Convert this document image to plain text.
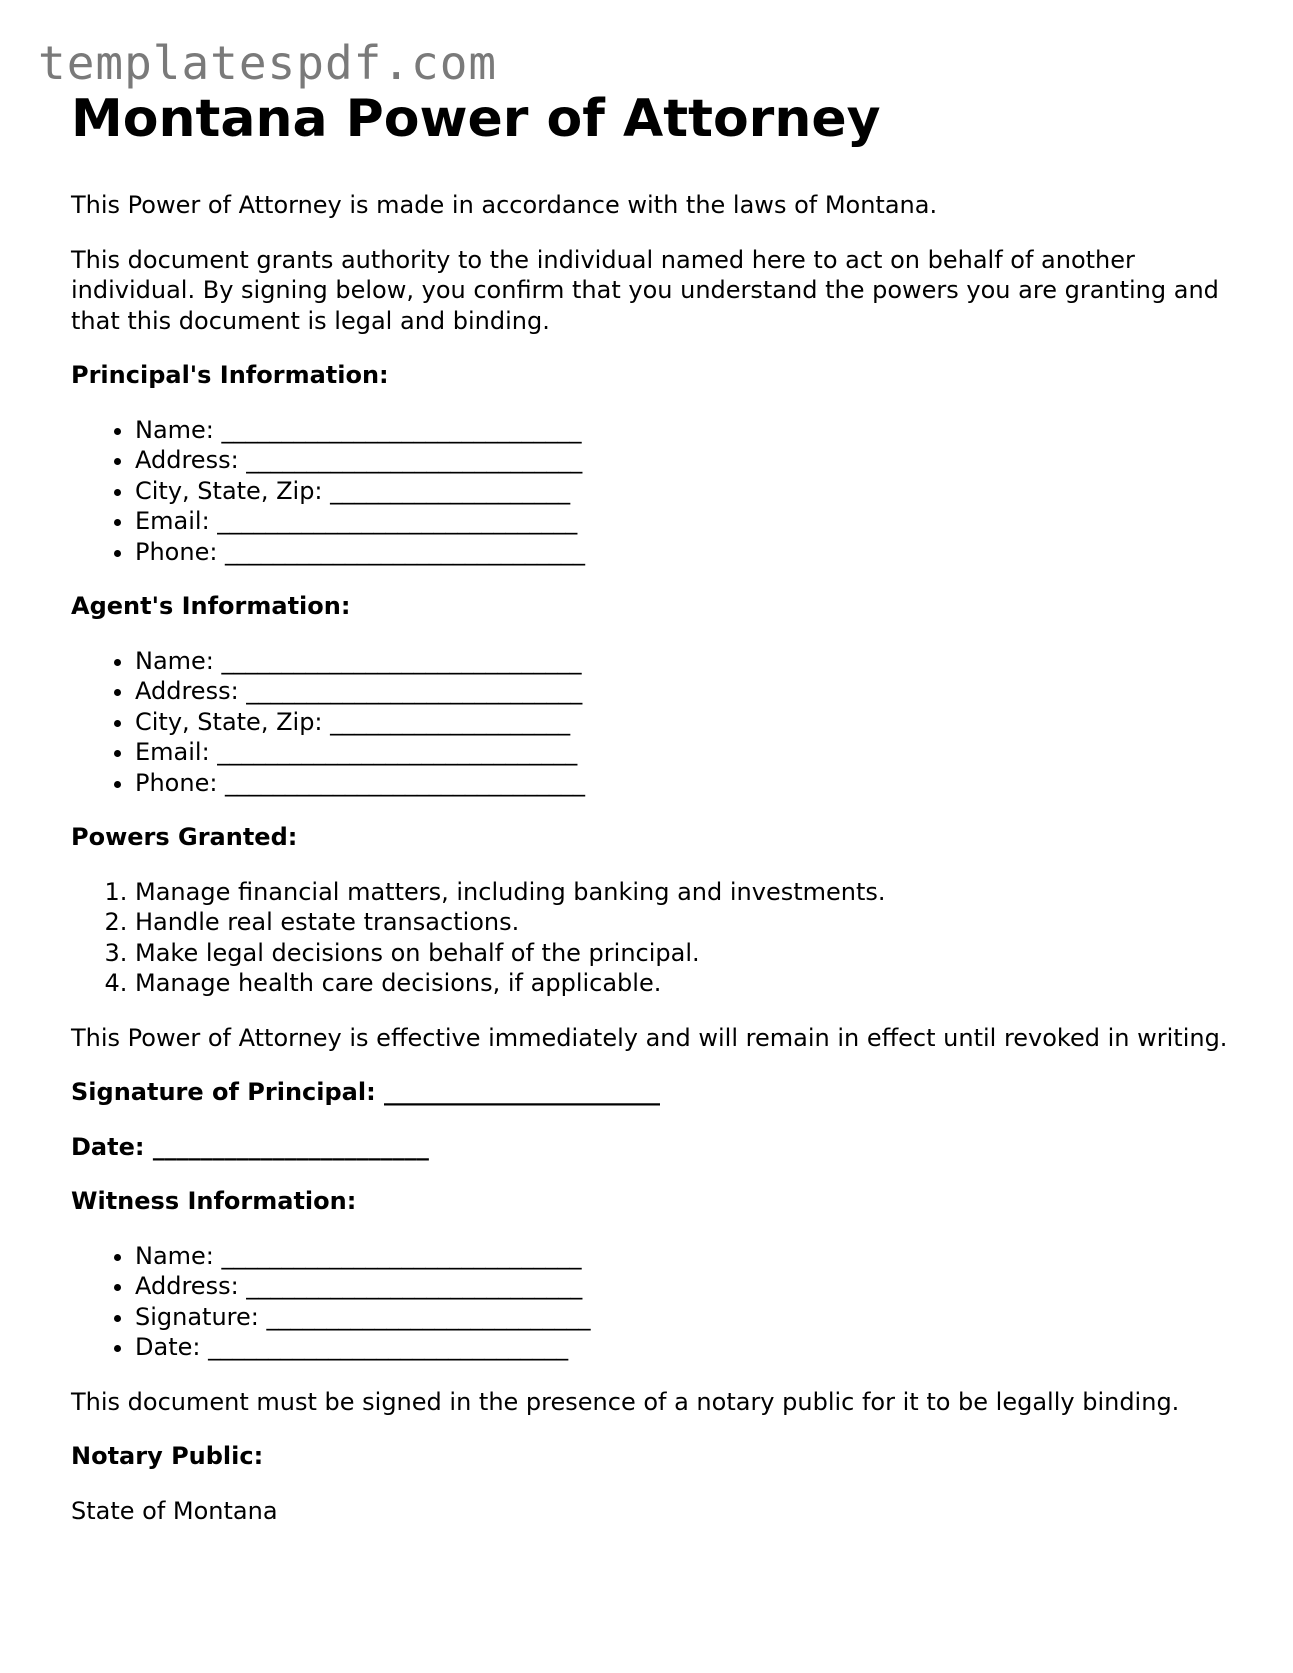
templatespdf.com
Montana Power of Attorney

This Power of Attorney is made in accordance with the laws of Montana.

This document grants authority to the individual named here to act on behalf of another individual. By signing below, you confirm that you understand the powers you are granting and that this document is legal and binding.

Principal's Information:

• Name: ______________________________
• Address: ____________________________
• City, State, Zip: ____________________
• Email: ______________________________
• Phone: ______________________________

Agent's Information:

• Name: ______________________________
• Address: ____________________________
• City, State, Zip: ____________________
• Email: ______________________________
• Phone: ______________________________

Powers Granted:

1. Manage financial matters, including banking and investments.
2. Handle real estate transactions.
3. Make legal decisions on behalf of the principal.
4. Manage health care decisions, if applicable.

This Power of Attorney is effective immediately and will remain in effect until revoked in writing.

Signature of Principal: _______________________

Date: _______________________

Witness Information:

• Name: ______________________________
• Address: ____________________________
• Signature: ___________________________
• Date: ______________________________

This document must be signed in the presence of a notary public for it to be legally binding.

Notary Public:

State of Montana
